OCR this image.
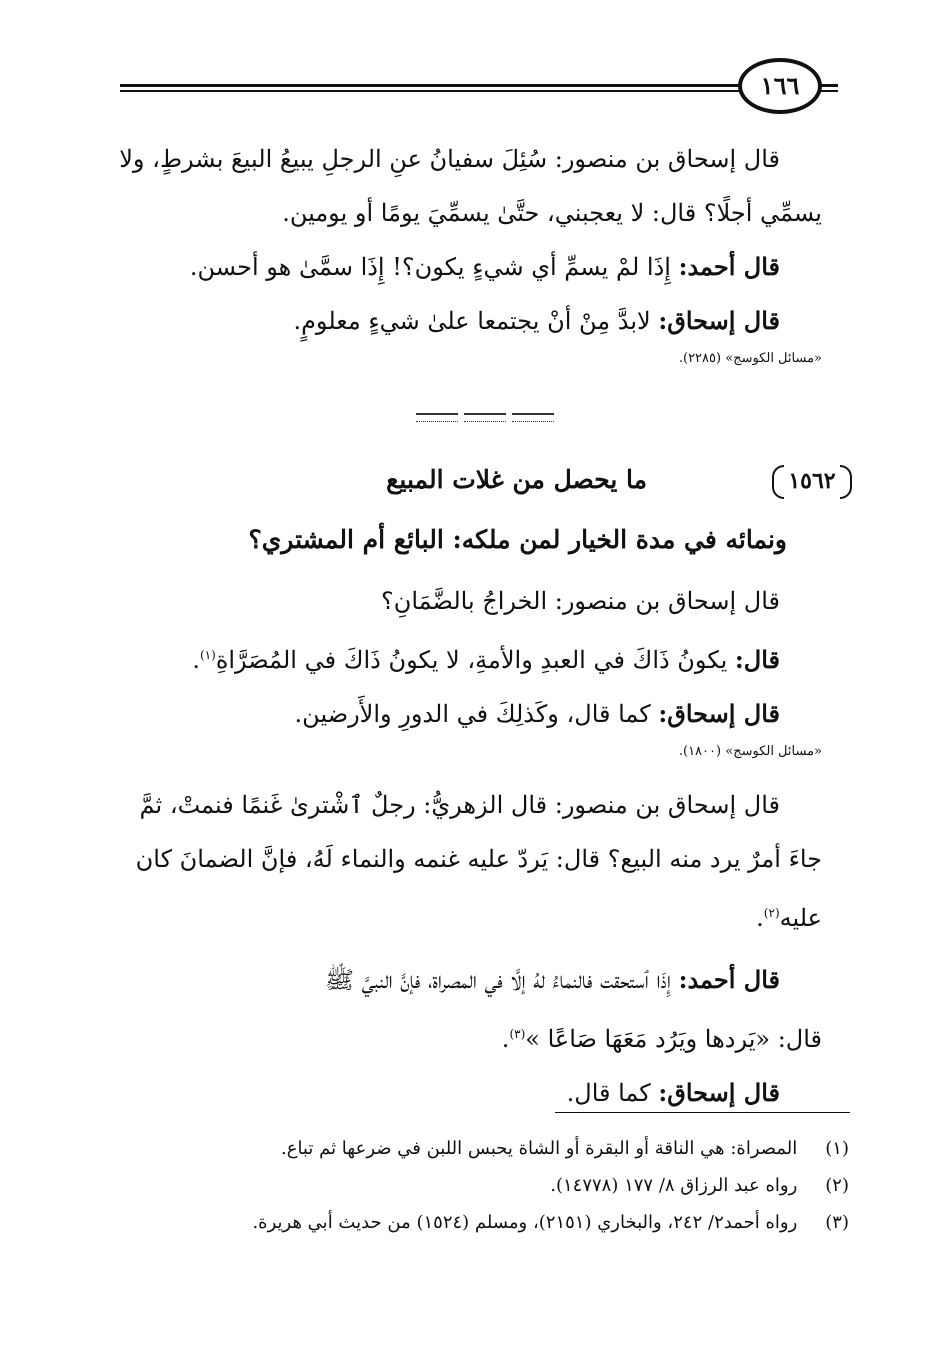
١٦٦
قال إسحاق بن منصور: سُئِلَ سفيانُ عنِ الرجلِ يبيعُ البيعَ بشرطٍ، ولا
يسمِّي أجلًا؟ قال: لا يعجبني، حتَّىٰ يسمِّيَ يومًا أو يومين.
قال أحمد: إِذَا لمْ يسمِّ أي شيءٍ يكون؟! إِذَا سمَّىٰ هو أحسن.
قال إسحاق: لابدَّ مِنْ أنْ يجتمعا علىٰ شيءٍ معلومٍ.
«مسائل الكوسج» (٢٢٨٥).
١٥٦٢
ما يحصل من غلات المبيع
ونمائه في مدة الخيار لمن ملكه: البائع أم المشتري؟
قال إسحاق بن منصور: الخراجُ بالضَّمَانِ؟
قال: يكونُ ذَاكَ في العبدِ والأمةِ، لا يكونُ ذَاكَ في المُصَرَّاةِ$^{(١)}$.
قال إسحاق: كما قال، وكَذلِكَ في الدورِ والأَرضين.
«مسائل الكوسج» (١٨٠٠).
قال إسحاق بن منصور: قال الزهريُّ: رجلٌ ٱشْترىٰ غَنمًا فنمتْ، ثمَّ
جاءَ أمرٌ يرد منه البيع؟ قال: يَردّ عليه غنمه والنماء لَهُ، فإنَّ الضمانَ كان
عليه$^{(٢)}$.
قال أحمد: إِذَا ٱستحقت فالنماءُ لهُ إلَّا في المصراة، فإنَّ النبيَّ ﷺ
قال: «يَردها ويَرُد مَعَهَا صَاعًا »$^{(٣)}$.
قال إسحاق: كما قال.
(١) المصراة: هي الناقة أو البقرة أو الشاة يحبس اللبن في ضرعها ثم تباع.
(٢) رواه عبد الرزاق ٨/ ١٧٧ (١٤٧٧٨).
(٣) رواه أحمد٢/ ٢٤٢، والبخاري (٢١٥١)، ومسلم (١٥٢٤) من حديث أبي هريرة.
